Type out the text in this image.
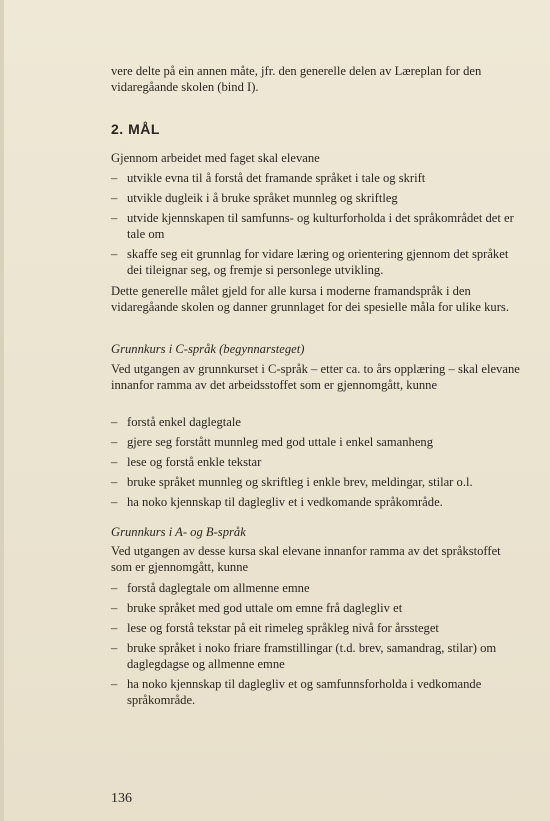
vere delte på ein annen måte, jfr. den generelle delen av Læreplan for den vidaregåande skolen (bind I).
2. MÅL
Gjennom arbeidet med faget skal elevane
– utvikle evna til å forstå det framande språket i tale og skrift
– utvikle dugleik i å bruke språket munnleg og skriftleg
– utvide kjennskapen til samfunns- og kulturforholda i det språkområdet det er tale om
– skaffe seg eit grunnlag for vidare læring og orientering gjennom det språket dei tileignar seg, og fremje si personlege utvikling.
Dette generelle målet gjeld for alle kursa i moderne framandspråk i den vidaregåande skolen og danner grunnlaget for dei spesielle måla for ulike kurs.
Grunnkurs i C-språk (begynnarsteget)
Ved utgangen av grunnkurset i C-språk – etter ca. to års opplæring – skal elevane innanfor ramma av det arbeidsstoffet som er gjennomgått, kunne
– forstå enkel daglegtale
– gjere seg forstått munnleg med god uttale i enkel samanheng
– lese og forstå enkle tekstar
– bruke språket munnleg og skriftleg i enkle brev, meldingar, stilar o.l.
– ha noko kjennskap til daglegliv et i vedkomande språkområde.
Grunnkurs i A- og B-språk
Ved utgangen av desse kursa skal elevane innanfor ramma av det språkstoffet som er gjennomgått, kunne
– forstå daglegtale om allmenne emne
– bruke språket med god uttale om emne frå daglegliv et
– lese og forstå tekstar på eit rimeleg språkleg nivå for årssteget
– bruke språket i noko friare framstillingar (t.d. brev, samandrag, stilar) om daglegdagse og allmenne emne
– ha noko kjennskap til daglegliv et og samfunnsforholda i vedkomande språkområde.
136
